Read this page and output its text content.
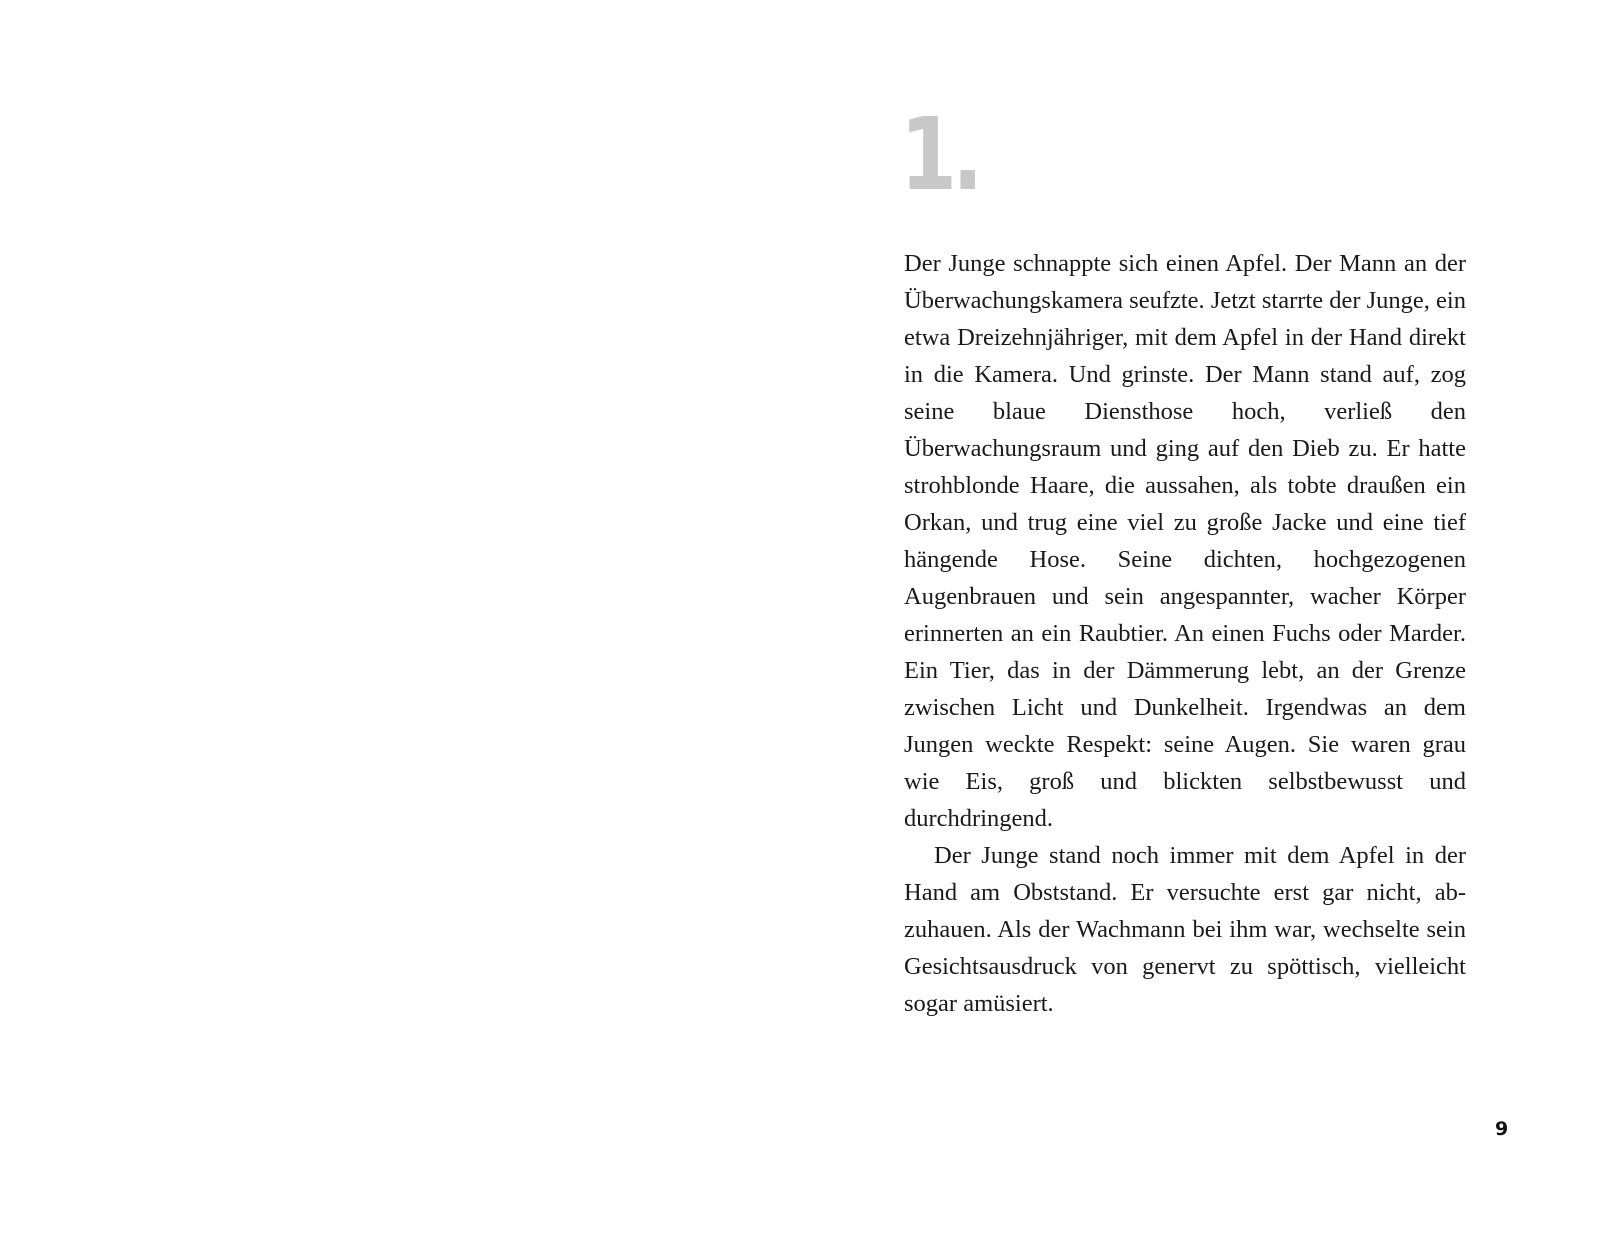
1.

Der Junge schnappte sich einen Apfel. Der Mann an der Überwachungskamera seufzte. Jetzt starrte der Junge, ein etwa Dreizehnjähriger, mit dem Apfel in der Hand direkt in die Kamera. Und grinste. Der Mann stand auf, zog seine blaue Diensthose hoch, verließ den Überwachungsraum und ging auf den Dieb zu. Er hatte strohblonde Haare, die aussahen, als tobte draußen ein Orkan, und trug eine viel zu große Jacke und eine tief hängende Hose. Seine dichten, hochgezogenen Augenbrauen und sein angespannter, wacher Körper erinnerten an ein Raubtier. An einen Fuchs oder Marder. Ein Tier, das in der Dämmerung lebt, an der Grenze zwischen Licht und Dunkelheit. Irgendwas an dem Jungen weckte Respekt: seine Augen. Sie waren grau wie Eis, groß und blickten selbstbewusst und durchdringend.

Der Junge stand noch immer mit dem Apfel in der Hand am Obststand. Er versuchte erst gar nicht, abzuhauen. Als der Wachmann bei ihm war, wechselte sein Gesichtsausdruck von genervt zu spöttisch, vielleicht sogar amüsiert.

9
